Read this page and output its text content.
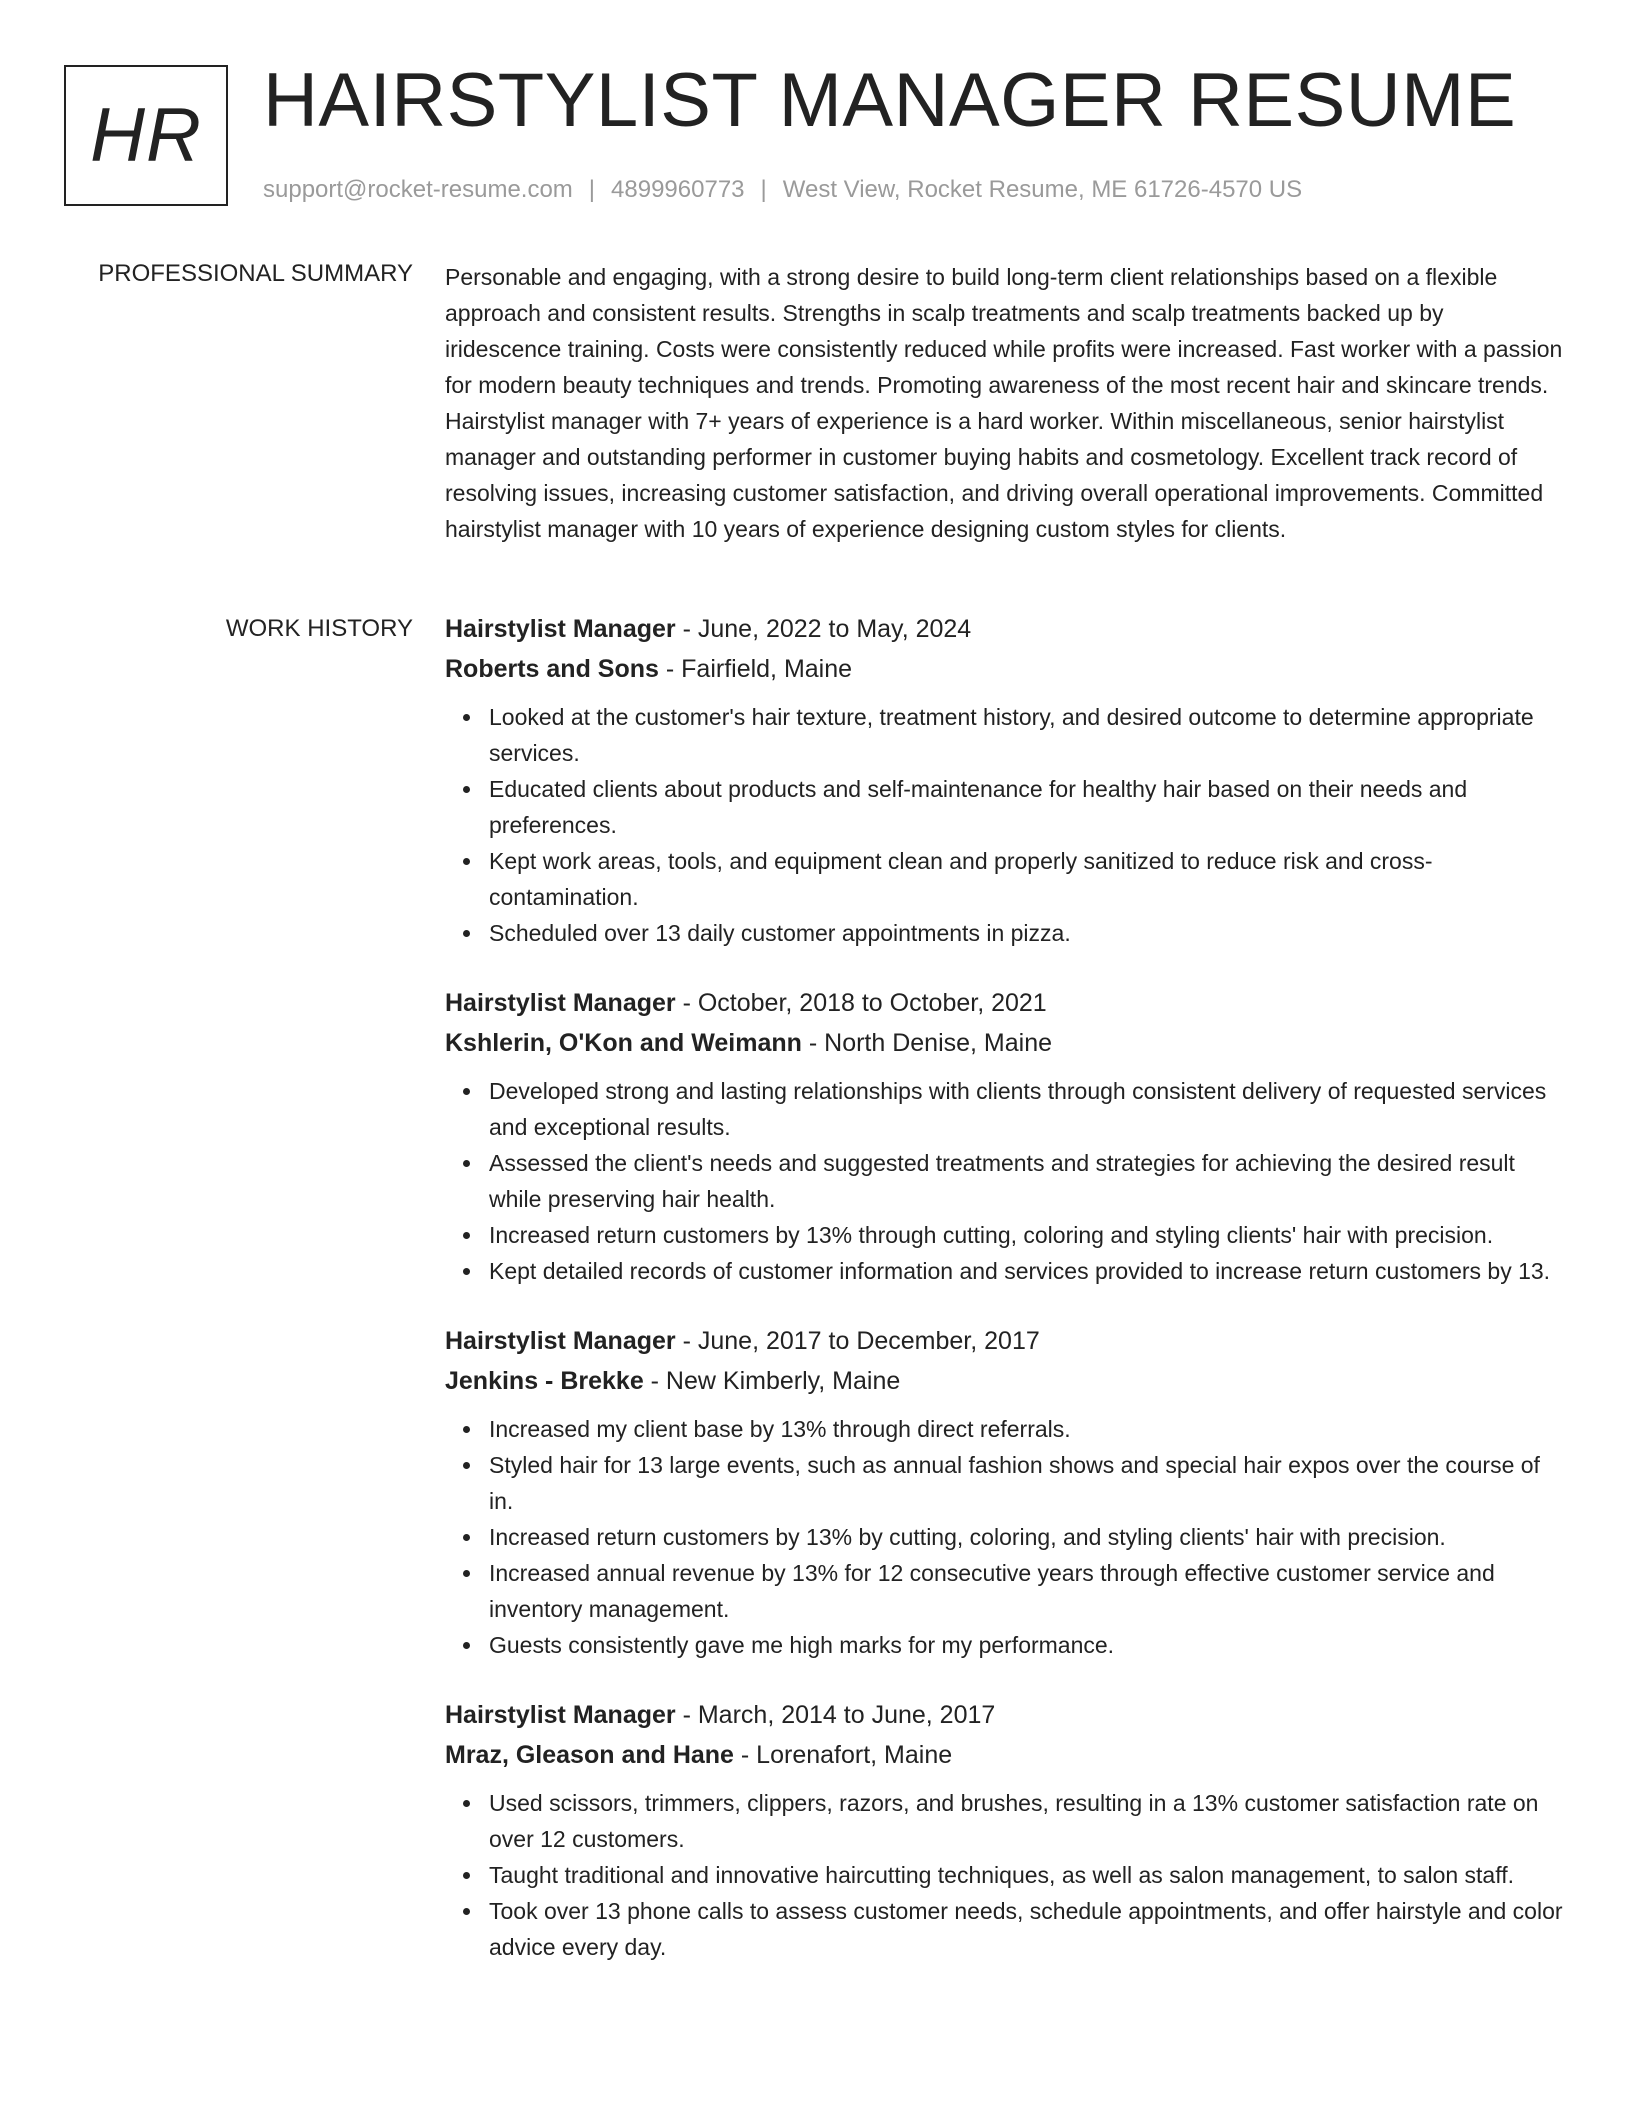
HR HAIRSTYLIST MANAGER RESUME
support@rocket-resume.com | 4899960773 | West View, Rocket Resume, ME 61726-4570 US
PROFESSIONAL SUMMARY Personable and engaging, with a strong desire to build long-term client relationships based on a flexible approach and consistent results. Strengths in scalp treatments and scalp treatments backed up by iridescence training. Costs were consistently reduced while profits were increased. Fast worker with a passion for modern beauty techniques and trends. Promoting awareness of the most recent hair and skincare trends. Hairstylist manager with 7+ years of experience is a hard worker. Within miscellaneous, senior hairstylist manager and outstanding performer in customer buying habits and cosmetology. Excellent track record of resolving issues, increasing customer satisfaction, and driving overall operational improvements. Committed hairstylist manager with 10 years of experience designing custom styles for clients.

WORK HISTORY Hairstylist Manager - June, 2022 to May, 2024

Roberts and Sons - Fairfield, Maine

Looked at the customer's hair texture, treatment history, and desired outcome to determine appropriate services.
Educated clients about products and self-maintenance for healthy hair based on their needs and preferences.
Kept work areas, tools, and equipment clean and properly sanitized to reduce risk and cross-contamination.
Scheduled over 13 daily customer appointments in pizza.

Hairstylist Manager - October, 2018 to October, 2021

Kshlerin, O'Kon and Weimann - North Denise, Maine

Developed strong and lasting relationships with clients through consistent delivery of requested services and exceptional results.
Assessed the client's needs and suggested treatments and strategies for achieving the desired result while preserving hair health.
Increased return customers by 13% through cutting, coloring and styling clients' hair with precision.
Kept detailed records of customer information and services provided to increase return customers by 13.

Hairstylist Manager - June, 2017 to December, 2017

Jenkins - Brekke - New Kimberly, Maine

Increased my client base by 13% through direct referrals.
Styled hair for 13 large events, such as annual fashion shows and special hair expos over the course of in.
Increased return customers by 13% by cutting, coloring, and styling clients' hair with precision.
Increased annual revenue by 13% for 12 consecutive years through effective customer service and inventory management.
Guests consistently gave me high marks for my performance.

Hairstylist Manager - March, 2014 to June, 2017

Mraz, Gleason and Hane - Lorenafort, Maine

Used scissors, trimmers, clippers, razors, and brushes, resulting in a 13% customer satisfaction rate on over 12 customers.
Taught traditional and innovative haircutting techniques, as well as salon management, to salon staff.
Took over 13 phone calls to assess customer needs, schedule appointments, and offer hairstyle and color advice every day.
